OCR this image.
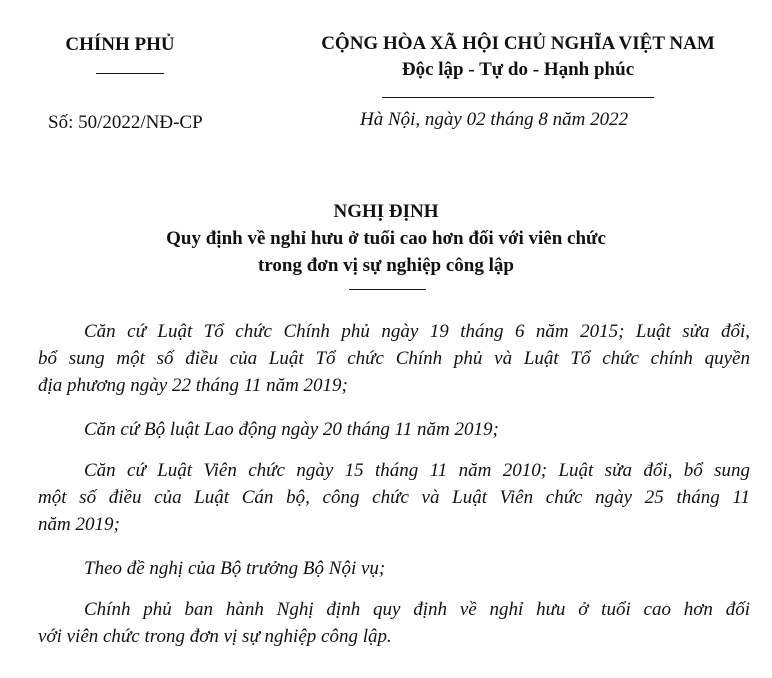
CHÍNH PHỦ	CỘNG HÒA XÃ HỘI CHỦ NGHĨA VIỆT NAM
Độc lập - Tự do - Hạnh phúc
Số: 50/2022/NĐ-CP	Hà Nội, ngày 02 tháng 8 năm 2022
NGHỊ ĐỊNH
Quy định về nghỉ hưu ở tuổi cao hơn đối với viên chức
trong đơn vị sự nghiệp công lập
Căn cứ Luật Tổ chức Chính phủ ngày 19 tháng 6 năm 2015; Luật sửa đổi,
bổ sung một số điều của Luật Tổ chức Chính phủ và Luật Tổ chức chính quyền
địa phương ngày 22 tháng 11 năm 2019;
Căn cứ Bộ luật Lao động ngày 20 tháng 11 năm 2019;
Căn cứ Luật Viên chức ngày 15 tháng 11 năm 2010; Luật sửa đổi, bổ sung
một số điều của Luật Cán bộ, công chức và Luật Viên chức ngày 25 tháng 11
năm 2019;
Theo đề nghị của Bộ trưởng Bộ Nội vụ;
Chính phủ ban hành Nghị định quy định về nghỉ hưu ở tuổi cao hơn đối
với viên chức trong đơn vị sự nghiệp công lập.
